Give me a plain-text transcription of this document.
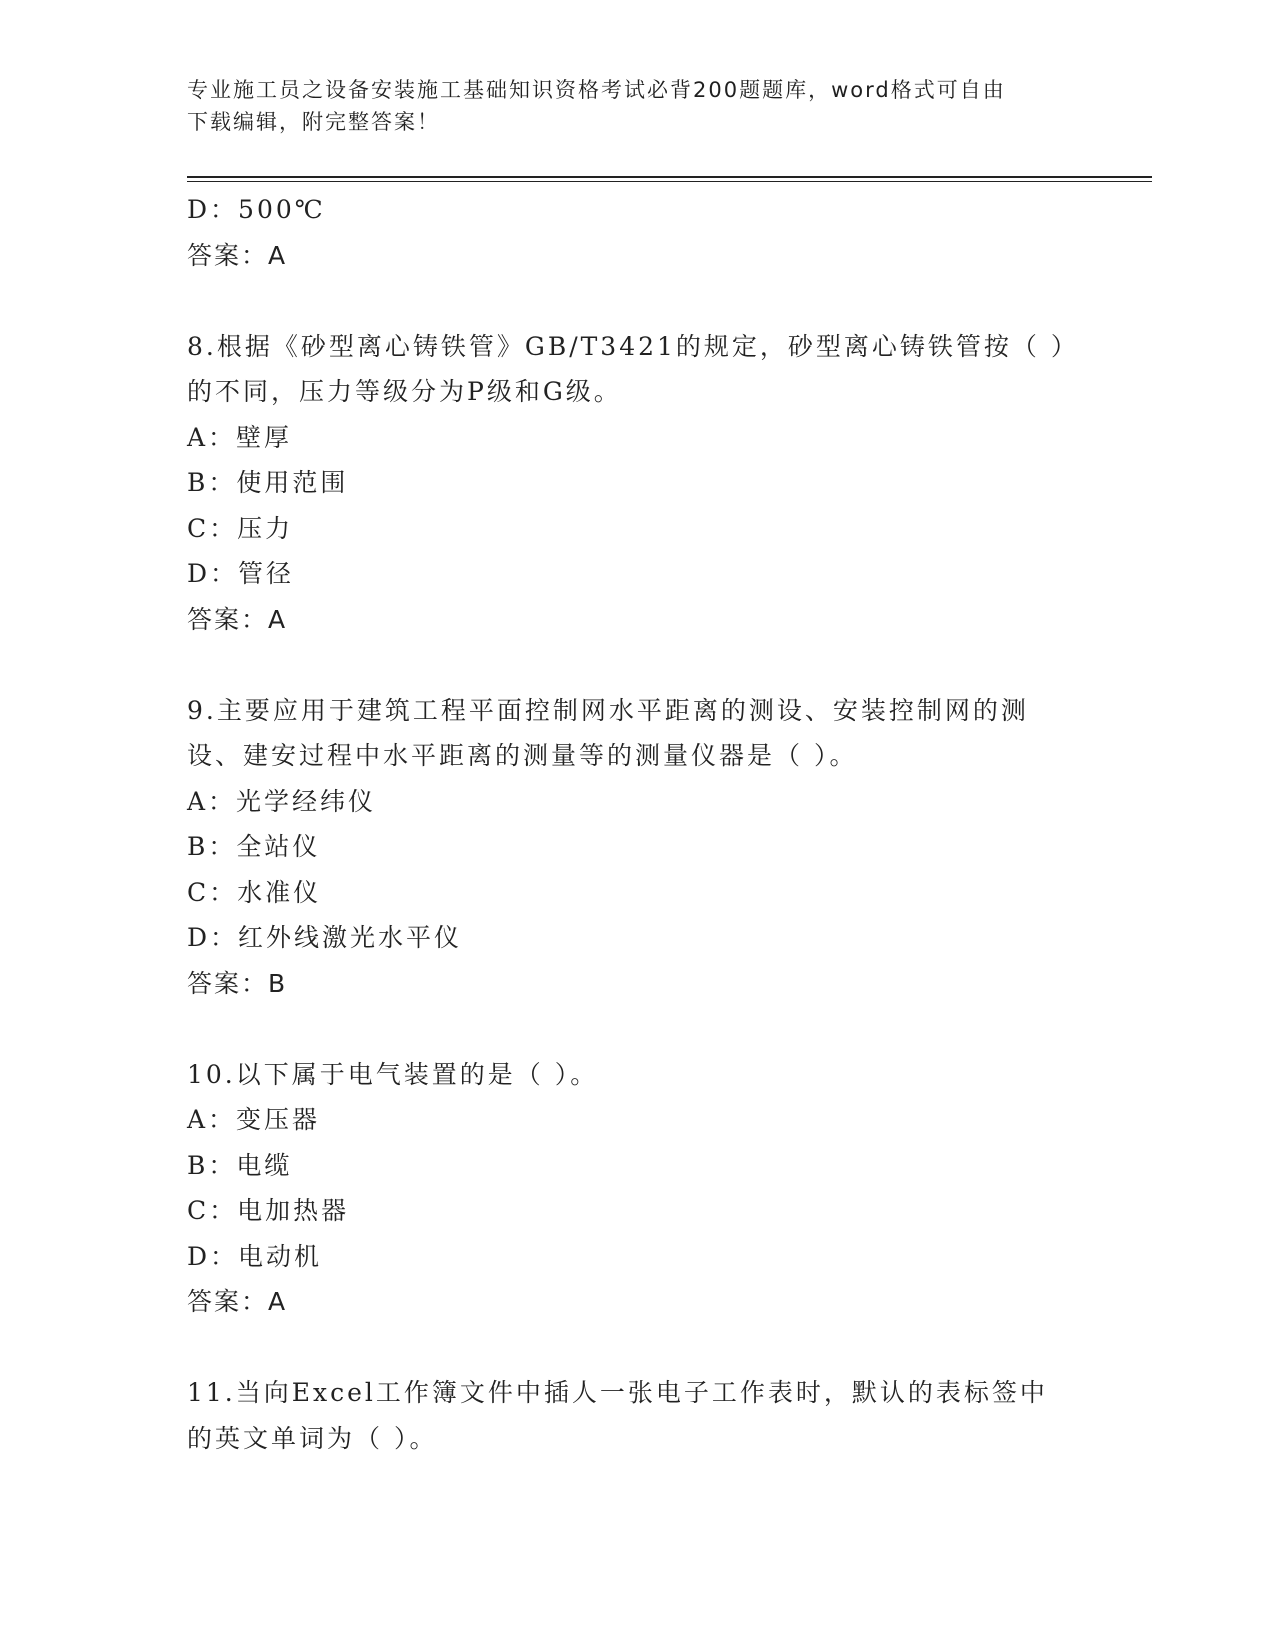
专业施工员之设备安装施工基础知识资格考试必背200题题库，word格式可自由
下载编辑，附完整答案！
D：500℃
答案：A
8.根据《砂型离心铸铁管》GB/T3421的规定，砂型离心铸铁管按（ ）
的不同，压力等级分为P级和G级。
A：壁厚
B：使用范围
C：压力
D：管径
答案：A
9.主要应用于建筑工程平面控制网水平距离的测设、安装控制网的测
设、建安过程中水平距离的测量等的测量仪器是（ ）。
A：光学经纬仪
B：全站仪
C：水准仪
D：红外线激光水平仪
答案：B
10.以下属于电气装置的是（ ）。
A：变压器
B：电缆
C：电加热器
D：电动机
答案：A
11.当向Excel工作簿文件中插人一张电子工作表时，默认的表标签中
的英文单词为（ ）。
